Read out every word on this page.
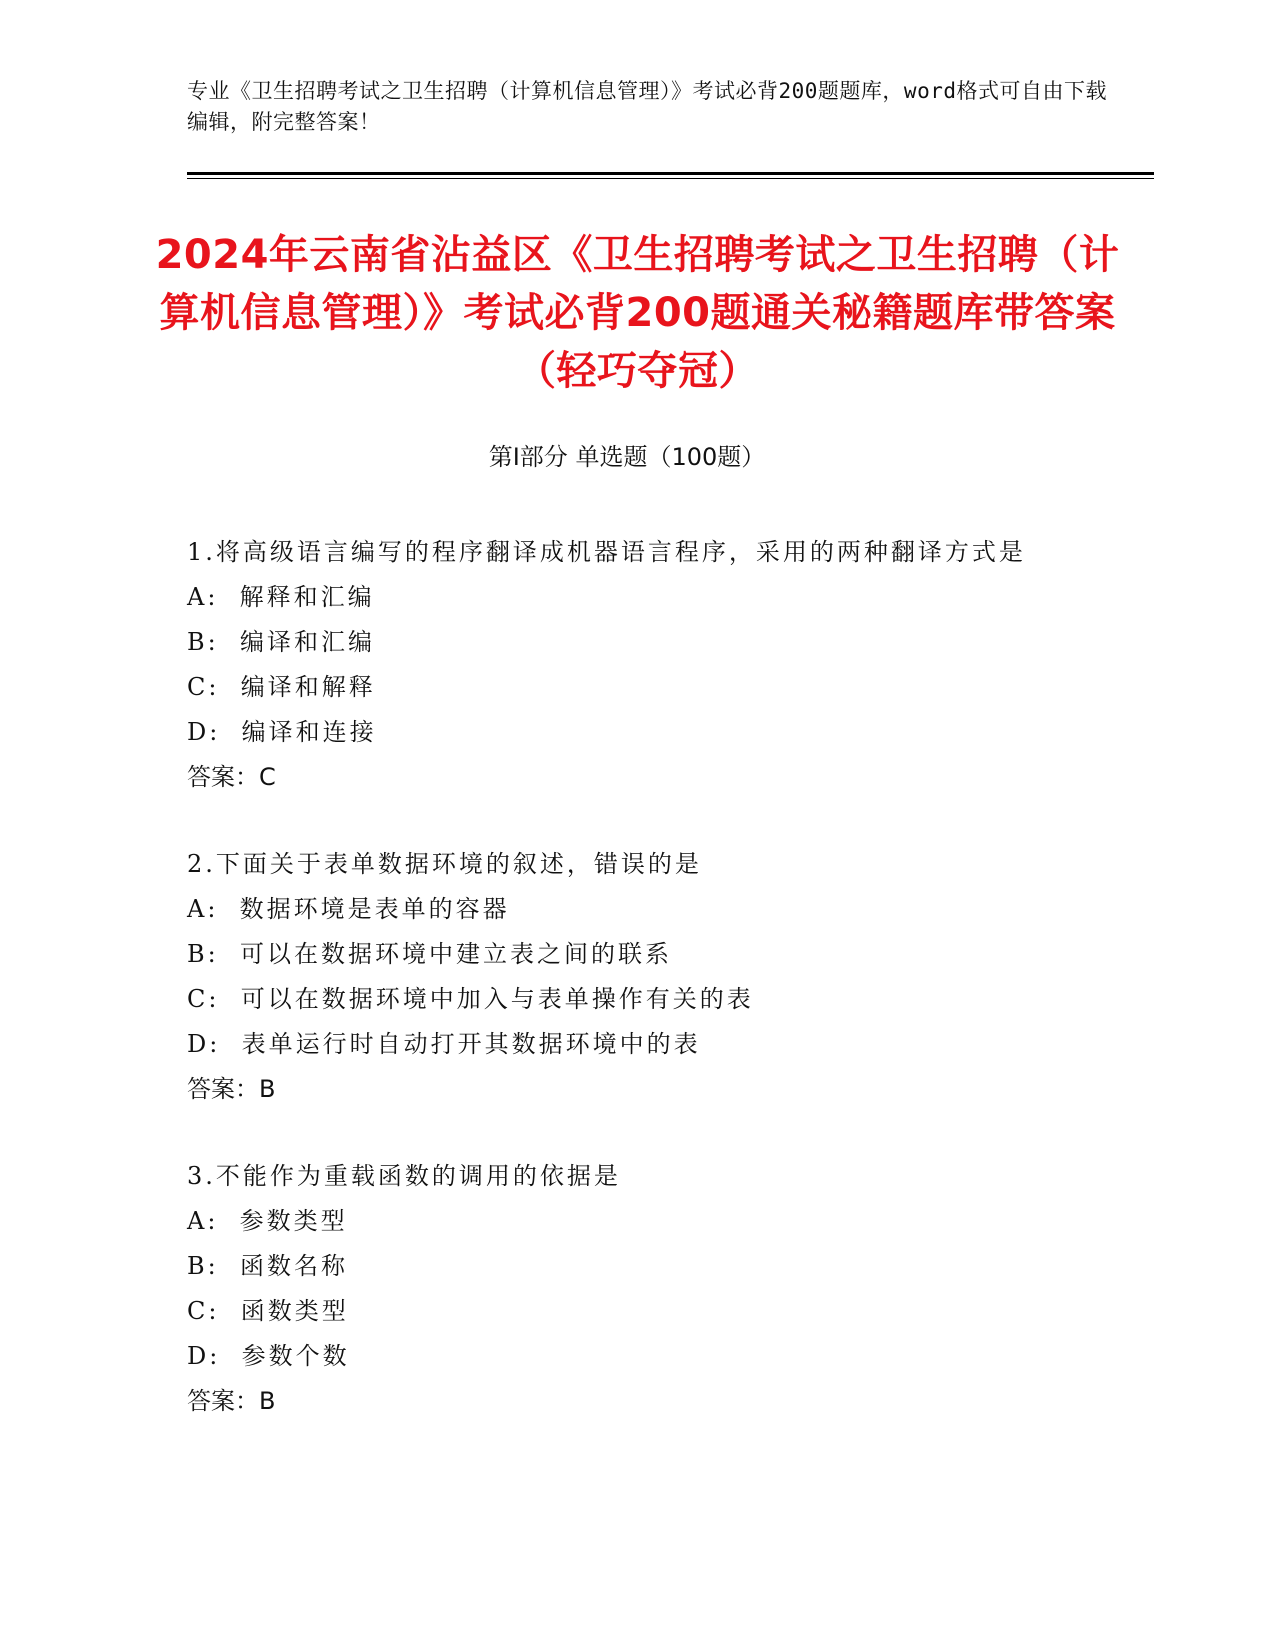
专业《卫生招聘考试之卫生招聘（计算机信息管理）》考试必背200题题库，word格式可自由下载编辑，附完整答案！
2024年云南省沾益区《卫生招聘考试之卫生招聘（计算机信息管理）》考试必背200题通关秘籍题库带答案（轻巧夺冠）
第Ⅰ部分 单选题（100题）
1.将高级语言编写的程序翻译成机器语言程序，采用的两种翻译方式是
A:  解释和汇编
B:  编译和汇编
C:  编译和解释
D:  编译和连接
答案：C
2.下面关于表单数据环境的叙述，错误的是
A:  数据环境是表单的容器
B:  可以在数据环境中建立表之间的联系
C:  可以在数据环境中加入与表单操作有关的表
D:  表单运行时自动打开其数据环境中的表
答案：B
3.不能作为重载函数的调用的依据是
A:  参数类型
B:  函数名称
C:  函数类型
D:  参数个数
答案：B
